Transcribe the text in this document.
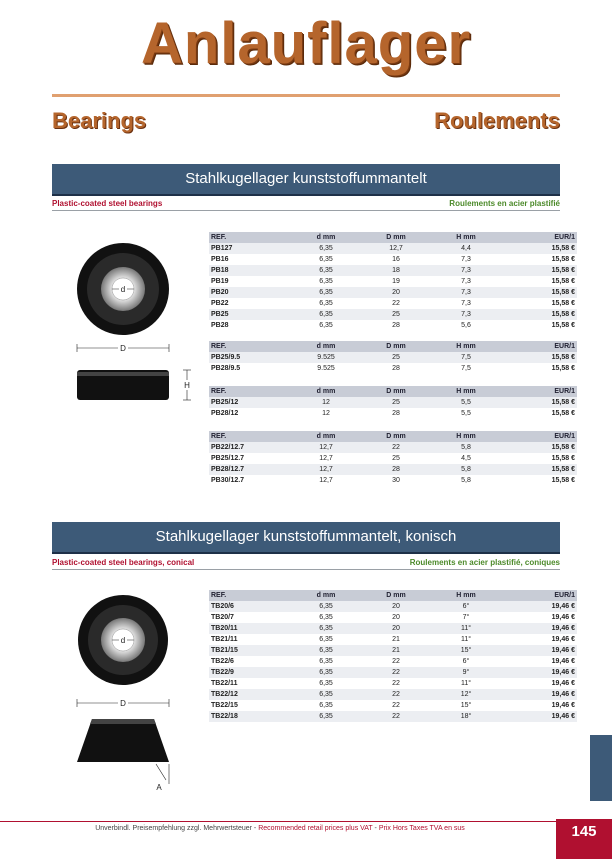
Anlauflager
Bearings	Roulements
Stahlkugellager kunststoffummantelt
Plastic-coated steel bearings	Roulements en acier plastifié
d
D
H
REF.	d mm	D mm	H mm	EUR/1
PB127	6,35	12,7	4,4	15,58 €
PB16	6,35	16	7,3	15,58 €
PB18	6,35	18	7,3	15,58 €
PB19	6,35	19	7,3	15,58 €
PB20	6,35	20	7,3	15,58 €
PB22	6,35	22	7,3	15,58 €
PB25	6,35	25	7,3	15,58 €
PB28	6,35	28	5,6	15,58 €
REF.	d mm	D mm	H mm	EUR/1
PB25/9.5	9.525	25	7,5	15,58 €
PB28/9.5	9.525	28	7,5	15,58 €
REF.	d mm	D mm	H mm	EUR/1
PB25/12	12	25	5,5	15,58 €
PB28/12	12	28	5,5	15,58 €
REF.	d mm	D mm	H mm	EUR/1
PB22/12.7	12,7	22	5,8	15,58 €
PB25/12.7	12,7	25	4,5	15,58 €
PB28/12.7	12,7	28	5,8	15,58 €
PB30/12.7	12,7	30	5,8	15,58 €
Stahlkugellager kunststoffummantelt, konisch
Plastic-coated steel bearings, conical	Roulements en acier plastifié, coniques
d
D
A
REF.	d mm	D mm	H mm	EUR/1
TB20/6	6,35	20	6°	19,46 €
TB20/7	6,35	20	7°	19,46 €
TB20/11	6,35	20	11°	19,46 €
TB21/11	6,35	21	11°	19,46 €
TB21/15	6,35	21	15°	19,46 €
TB22/6	6,35	22	6°	19,46 €
TB22/9	6,35	22	9°	19,46 €
TB22/11	6,35	22	11°	19,46 €
TB22/12	6,35	22	12°	19,46 €
TB22/15	6,35	22	15°	19,46 €
TB22/18	6,35	22	18°	19,46 €
Unverbindl. Preisempfehlung zzgl. Mehrwertsteuer - Recommended retail prices plus VAT - Prix Hors Taxes TVA en sus	145
